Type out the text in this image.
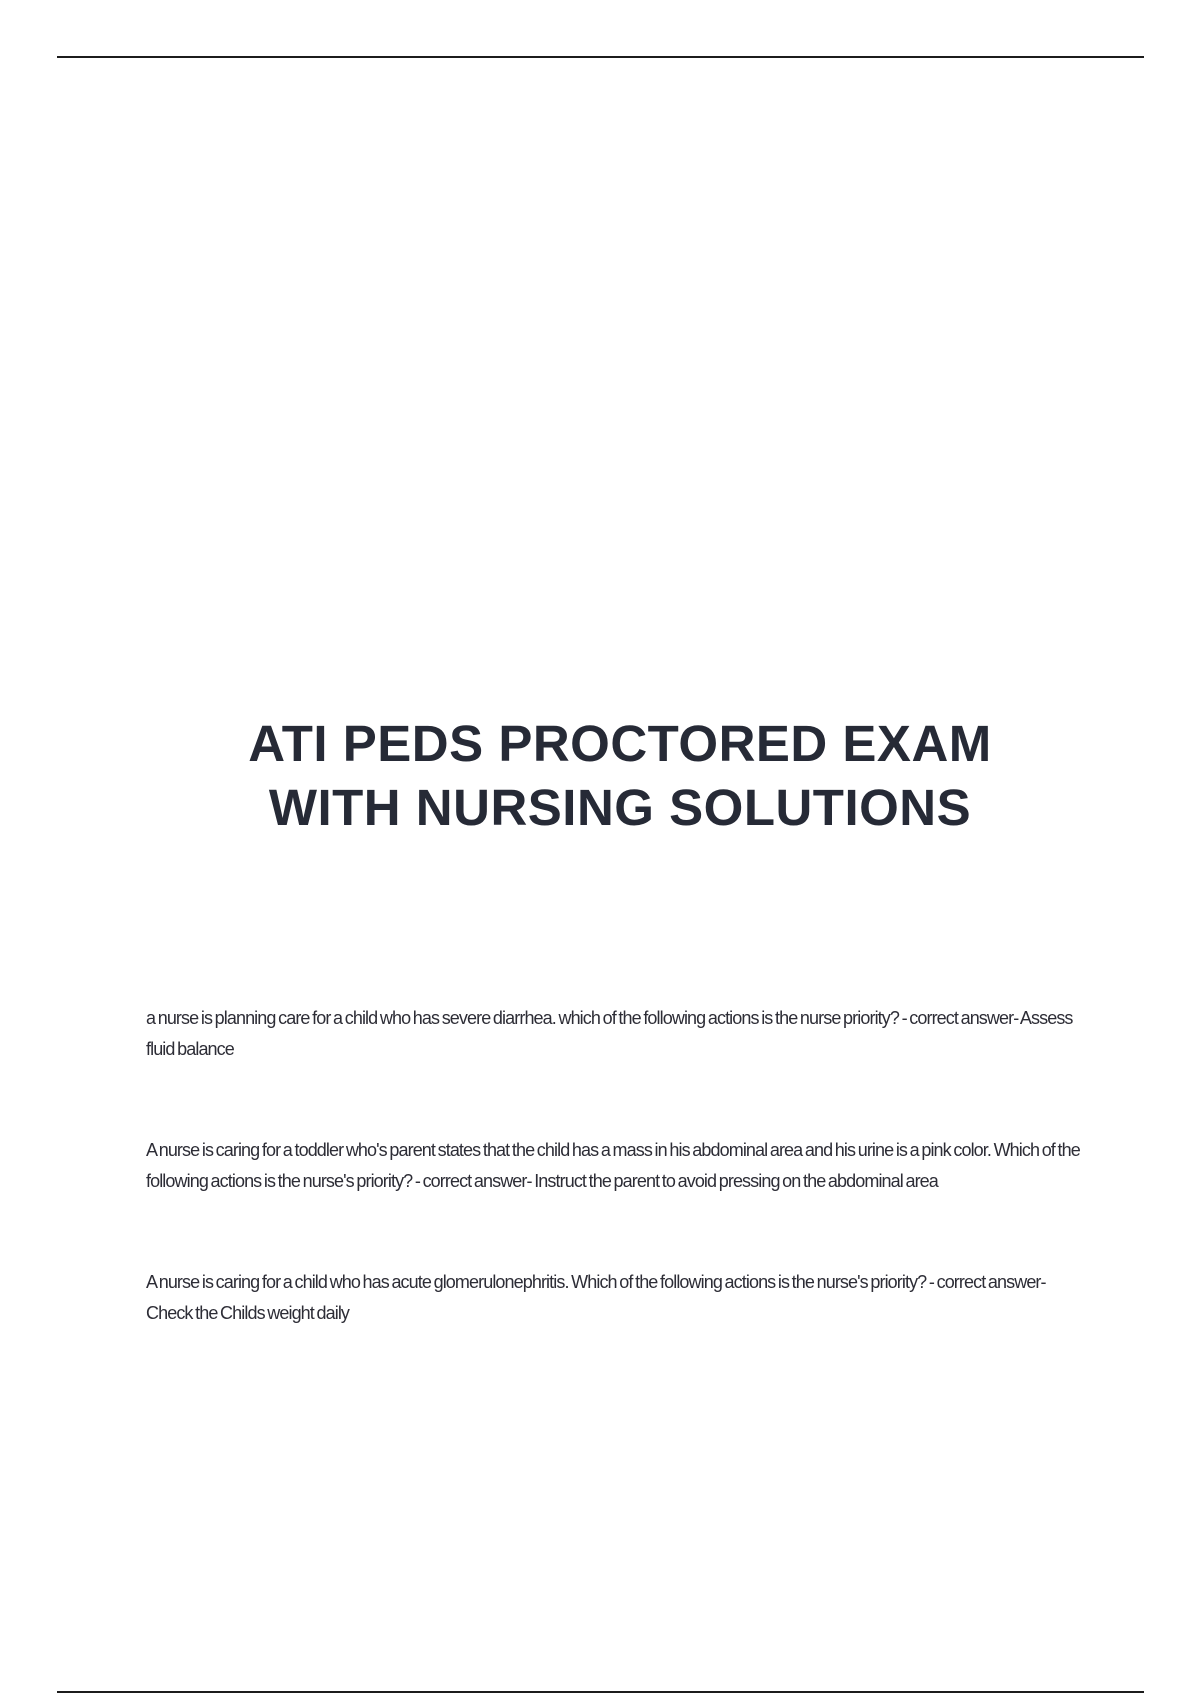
ATI PEDS PROCTORED EXAM
WITH NURSING SOLUTIONS

a nurse is planning care for a child who has severe diarrhea. which of the following actions is the nurse priority? - correct answer- Assess fluid balance

A nurse is caring for a toddler who's parent states that the child has a mass in his abdominal area and his urine is a pink color. Which of the following actions is the nurse's priority? - correct answer- Instruct the parent to avoid pressing on the abdominal area

A nurse is caring for a child who has acute glomerulonephritis. Which of the following actions is the nurse's priority? - correct answer- Check the Childs weight daily
